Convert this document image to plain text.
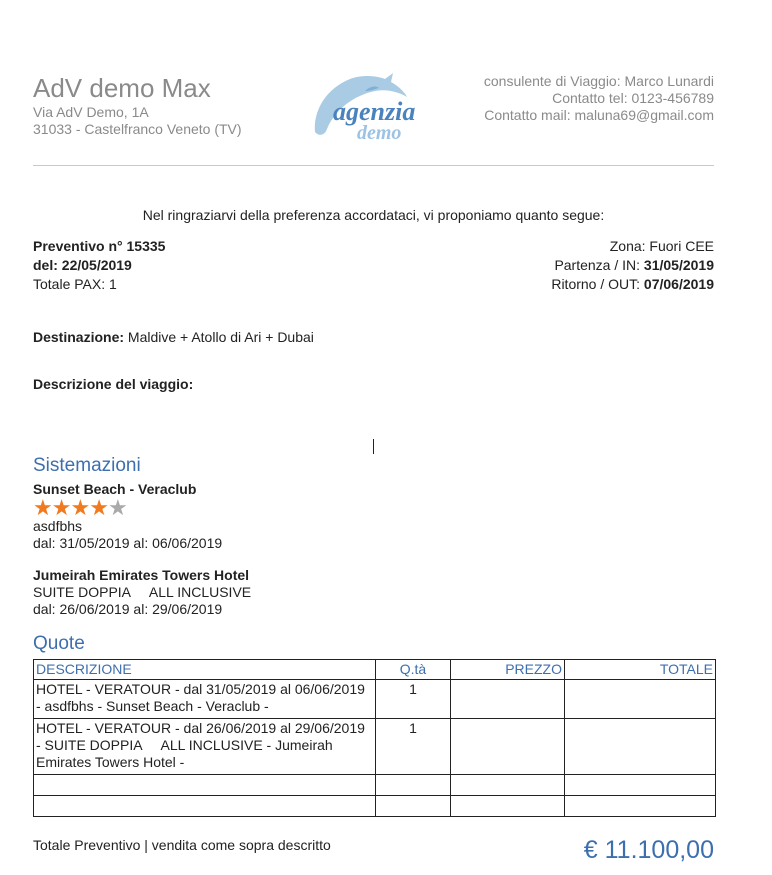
AdV demo Max
Via AdV Demo, 1A
31033 - Castelfranco Veneto (TV)
agenzia
demo
consulente di Viaggio: Marco Lunardi
Contatto tel: 0123-456789
Contatto mail: maluna69@gmail.com
Nel ringraziarvi della preferenza accordataci, vi proponiamo quanto segue:
Preventivo n° 15335
del: 22/05/2019
Totale PAX: 1
Zona: Fuori CEE
Partenza / IN: 31/05/2019
Ritorno / OUT: 07/06/2019
Destinazione: Maldive + Atollo di Ari + Dubai
Descrizione del viaggio:
Sistemazioni
Sunset Beach - Veraclub
★★★★★
asdfbhs
dal: 31/05/2019 al: 06/06/2019
Jumeirah Emirates Towers Hotel
SUITE DOPPIA     ALL INCLUSIVE
dal: 26/06/2019 al: 29/06/2019
Quote
DESCRIZIONE	Q.tà	PREZZO	TOTALE
HOTEL - VERATOUR - dal 31/05/2019 al 06/06/2019 - asdfbhs - Sunset Beach - Veraclub -	1		
HOTEL - VERATOUR - dal 26/06/2019 al 29/06/2019 - SUITE DOPPIA     ALL INCLUSIVE - Jumeirah Emirates Towers Hotel -	1		

Totale Preventivo | vendita come sopra descritto	€ 11.100,00
